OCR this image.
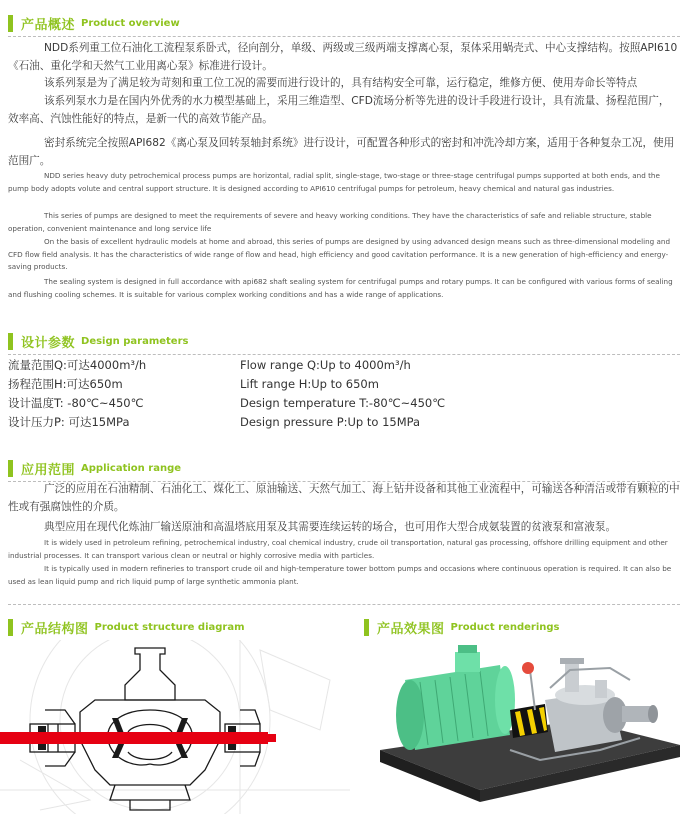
产品概述 Product overview

NDD系列重工位石油化工流程泵系卧式，径向剖分，单级、两级或三级两端支撑离心泵，泵体采用蜗壳式、中心支撑结构。按照API610《石油、重化学和天然气工业用离心泵》标准进行设计。

该系列泵是为了满足较为苛刻和重工位工况的需要而进行设计的，具有结构安全可靠，运行稳定，维修方便、使用寿命长等特点

该系列泵水力是在国内外优秀的水力模型基础上，采用三维造型、CFD流场分析等先进的设计手段进行设计，具有流量、扬程范围广，效率高、汽蚀性能好的特点，是新一代的高效节能产品。

密封系统完全按照API682《离心泵及回转泵轴封系统》进行设计，可配置各种形式的密封和冲洗冷却方案，适用于各种复杂工况，使用范围广。

NDD series heavy duty petrochemical process pumps are horizontal, radial split, single-stage, two-stage or three-stage centrifugal pumps supported at both ends, and the pump body adopts volute and central support structure. It is designed according to API610 centrifugal pumps for petroleum, heavy chemical and natural gas industries.

This series of pumps are designed to meet the requirements of severe and heavy working conditions. They have the characteristics of safe and reliable structure, stable operation, convenient maintenance and long service life

On the basis of excellent hydraulic models at home and abroad, this series of pumps are designed by using advanced design means such as three-dimensional modeling and CFD flow field analysis. It has the characteristics of wide range of flow and head, high efficiency and good cavitation performance. It is a new generation of high-efficiency and energy-saving products.

The sealing system is designed in full accordance with api682 shaft sealing system for centrifugal pumps and rotary pumps. It can be configured with various forms of sealing and flushing cooling schemes. It is suitable for various complex working conditions and has a wide range of applications.

设计参数 Design parameters
流量范围Q:可达4000m³/h
扬程范围H:可达650m
设计温度T: -80℃~450℃
设计压力P: 可达15MPa
Flow range Q:Up to 4000m³/h
Lift range H:Up to 650m
Design temperature T:-80℃~450℃
Design pressure P:Up to 15MPa
应用范围 Application range

广泛的应用在石油精制、石油化工、煤化工、原油输送、天然气加工、海上钻井设备和其他工业流程中，可输送各种清洁或带有颗粒的中性或有强腐蚀性的介质。

典型应用在现代化炼油厂输送原油和高温塔底用泵及其需要连续运转的场合，也可用作大型合成氨装置的贫液泵和富液泵。

It is widely used in petroleum refining, petrochemical industry, coal chemical industry, crude oil transportation, natural gas processing, offshore drilling equipment and other industrial processes. It can transport various clean or neutral or highly corrosive media with particles.

It is typically used in modern refineries to transport crude oil and high-temperature tower bottom pumps and occasions where continuous operation is required. It can also be used as lean liquid pump and rich liquid pump of large synthetic ammonia plant.

产品结构图 Product structure diagram	产品效果图 Product renderings
